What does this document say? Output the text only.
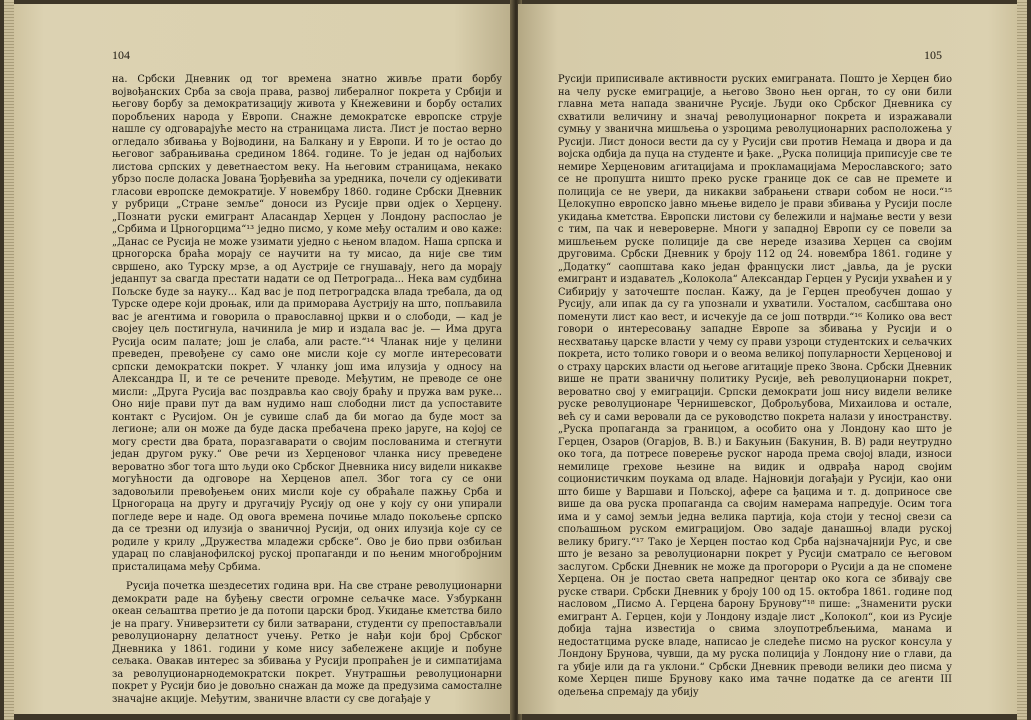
104

на. Србски Дневник од тог времена знатно живље прати борбу војвођанских Срба за своја права, развој либералног покрета у Србији и његову борбу за демократизацију живота у Кнежевини и борбу осталих поробљених народа у Европи. Снажне демократске европске струје нашле су одговарајуће место на страницама листа. Лист је постао верно огледало збивања у Војводини, на Балкану и у Европи. И то је остао до његовог забрањивања средином 1864. године. То је један од најбољих листова српских у деветнаестом веку. На његовим страницама, некако убрзо после доласка Јована Ђорђевића за уредника, почели су одјекивати гласови европске демократије. У новембру 1860. године Србски Дневник у рубрици „Стране земље“ доноси из Русије први одјек о Херцену. „Познати руски емигрант Аласандар Херцен у Лондону распослао је „Србима и Црногорцима“¹³ једно писмо, у коме међу осталим и ово каже: „Данас се Русија не може узимати уједно с њеном владом. Наша српска и црногорска браћа морају се научити на ту мисао, да није све тим свршено, ако Турску мрзе, а од Аустрије се гнушавају, него да морају једанпут за свагда престати надати се од Петрограда... Нека вам судбина Пољске буде за науку... Кад вас је под петроградска влада требала, да од Турске одере који дроњак, или да приморава Аустрију на што, попљавила вас је агентима и говорила о православној цркви и о слободи, — кад је својеу цељ постигнула, начинила је мир и издала вас је. — Има друга Русија осим палате; још је слаба, али расте.“¹⁴ Чланак није у целини преведен, превођене су само оне мисли које су могле интересовати српски демократски покрет. У чланку још има илузија у односу на Александра II, и те се речените преводе. Међутим, не преводе се оне мисли: „Друга Русија вас поздравља као своју браћу и пружа вам руке... Оно није прави пут да вам нудимо наш слободни лист да успоставите контакт с Русијом. Он је сувише слаб да би могао да буде мост за легионе; али он може да буде даска пребачена преко јаруге, на којој се могу срести два брата, поразгаварати о својим послованима и стегнути један другом руку.“ Ове речи из Херценовог чланка нису преведене вероватно због тога што људи око Србског Дневника нису видели никакве могућности да одговоре на Херценов апел. Због тога су се они задовољили превођењем оних мисли које су обраћале пажњу Срба и Црногораца на другу и другачију Русију од оне у коју су они упирали погледе вере и наде. Од овога времена почиње младо покољење српско да се трезни од илузија о званичној Русији, од оних илузија које су се родиле у крилу „Дружества младежи србске“. Ово је био први озбиљан ударац по славјанофилској руској пропаганди и по њеним многобројним присталицама међу Србима.

Русија почетка шездесетих година ври. На све стране револуционарни демократи раде на буђењу свести огромне сељачке масе. Узбурканн океан сељаштва претио је да потопи царски брод. Укидање кметства било је на прагу. Универзитети су били затварани, студенти су препостављали револуционарну делатност учењу. Ретко је нађи који број Србског Дневника у 1861. години у коме нису забележене акције и побуне сељака. Овакав интерес за збивања у Русији пропраћен је и симпатијама за револуционарнодемократски покрет. Унутрашњи револуционарни покрет у Русији био је довољно снажан да може да предузима самосталне значајне акције. Међутим, званичне власти су све догађаје у

105

Русији приписивале активности руских емиграната. Пошто је Херцен био на челу руске емиграције, а његово Звоно њен орган, то су они били главна мета напада званичне Русије. Људи око Србског Дневника су схватили величину и значај револуционарног покрета и изражавали сумњу у званична мишљења о узроцима револуционарних расположења у Русији. Лист доноси вести да су у Русији сви против Немаца и двора и да војска одбија да пуца на студенте и ђаке. „Руска полиција приписује све те немире Херценовим агитацијама и прокламацијама Мерославского; зато се не пропушта ништо преко руске границе док се сав не премете и полиција се не увери, да никакви забрањени ствари собом не носи.“¹⁵ Целокупно европско јавно мњење видело је прави збивања у Русији после укидања кметства. Европски листови су бележили и најмање вести у вези с тим, па чак и невероверне. Многи у западној Европи су се повели за мишљењем руске полиције да све нереде изазива Херцен са својим друговима. Србски Дневник у броју 112 од 24. новембра 1861. године у „Додатку“ саопштава како један француски лист „јавља, да је руски емигрант и издаватељ „Колокола“ Александар Герцен у Русији ухваћен и у Сибирију у заточеште послан. Кажу, да је Герцен преобучен дошао у Русију, али ипак да су га упознали и ухватили. Уосталом, сасбштава оно поменути лист као вест, и исчекује да се још потврди.“¹⁶ Колико ова вест говори о интересовању западне Европе за збивања у Русији и о несхватању царске власти у чему су прави узроци студентских и сељачких покрета, исто толико говори и о веома великој популарности Херценовој и о страху царских власти од његове агитације преко Звона. Србски Дневник више не прати званичну политику Русије, већ револуционарни покрет, вероватно свој у емиграцији. Српски демократи још нису видели велике руске револуционаре Чернишевског, Доброљубова, Михаилова и остале, већ су и сами веровали да се руководство покрета налази у иностранству. „Руска пропаганда за границом, а особито она у Лондону као што је Герцен, Озаров (Огарјов, В. В.) и Бакуњин (Бакунин, В. В) ради неутрудно око тога, да потресе поверење руског народа према својој влади, износи немилице грехове њезине на видик и одврађа народ својим соционистичким поукама од владе. Најновији догађаји у Русији, као они што бише у Варшави и Пољској, афере са ђацима и т. д. доприносе све више да ова руска пропаганда са својим намерама напредује. Осим тога има и у самој земљи једна велика партија, која стоји у тесној свези са спољашњом руском емиграцијом. Ово задаје данашњој влади руској велику бригу.“¹⁷ Тако је Херцен постао код Срба најзначајнији Рус, и све што је везано за револуционарни покрет у Русији сматрало се његовом заслугом. Србски Дневник не може да прогорори о Русији а да не спомене Херцена. Он је постао света напредног центар око кога се збивају све руске ствари. Србски Дневник у броју 100 од 15. октобра 1861. године под насловом „Писмо А. Герцена барону Бруновy“¹⁸ пише: „Знаменити руски емигрант А. Герцен, који у Лондону издаје лист „Колокол“, кои из Русије добија тајна известија о свима злоупотребљењима, манама и недостатцима руске владе, написао је следеће писмо на руског консула у Лондону Брунова, чувши, да му руска полиција у Лондону ние о глави, да га убије или да га уклони.“ Србски Дневник преводи велики део писма у коме Херцен пише Брунову како има тачне податке да се агенти III одељења спремају да убију
